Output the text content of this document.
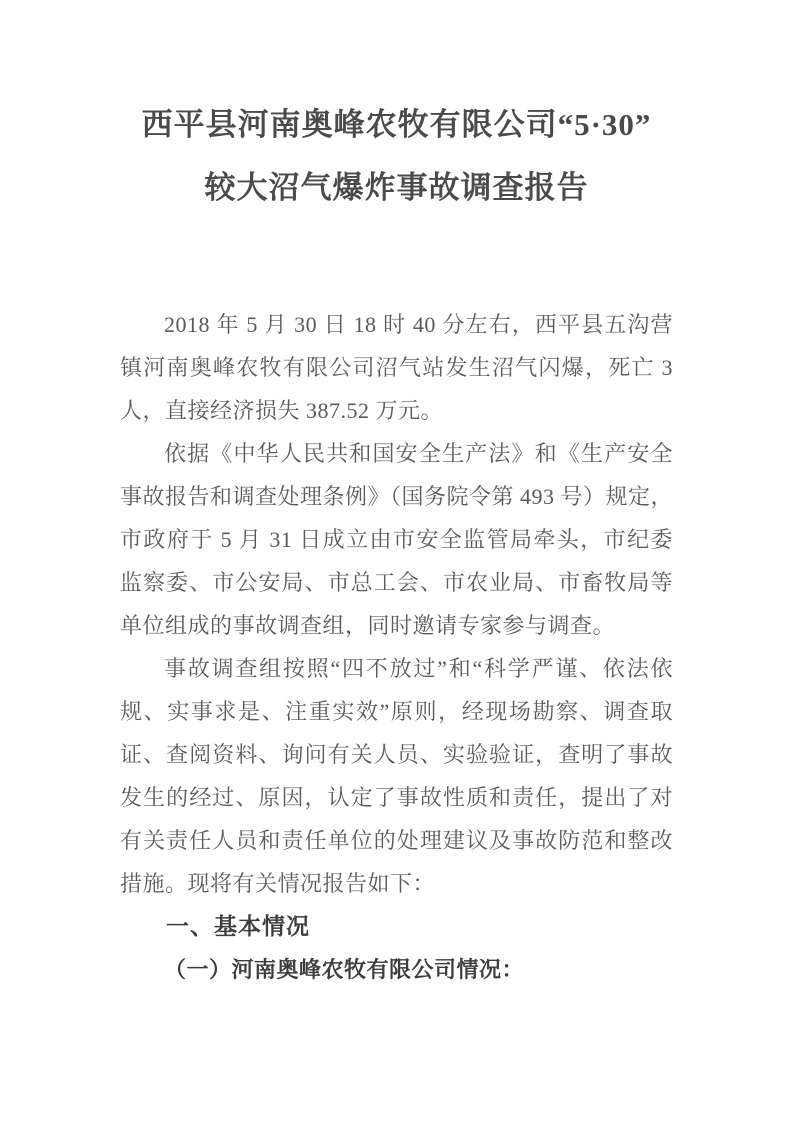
西平县河南奥峰农牧有限公司“5·30”
较大沼气爆炸事故调查报告

2018 年 5 月 30 日 18 时 40 分左右，西平县五沟营镇河南奥峰农牧有限公司沼气站发生沼气闪爆，死亡 3 人，直接经济损失 387.52 万元。

依据《中华人民共和国安全生产法》和《生产安全事故报告和调查处理条例》（国务院令第 493 号）规定，市政府于 5 月 31 日成立由市安全监管局牵头，市纪委监察委、市公安局、市总工会、市农业局、市畜牧局等单位组成的事故调查组，同时邀请专家参与调查。

事故调查组按照“四不放过”和“科学严谨、依法依规、实事求是、注重实效”原则，经现场勘察、调查取证、查阅资料、询问有关人员、实验验证，查明了事故发生的经过、原因，认定了事故性质和责任，提出了对有关责任人员和责任单位的处理建议及事故防范和整改措施。现将有关情况报告如下：

一、基本情况
（一）河南奥峰农牧有限公司情况：
